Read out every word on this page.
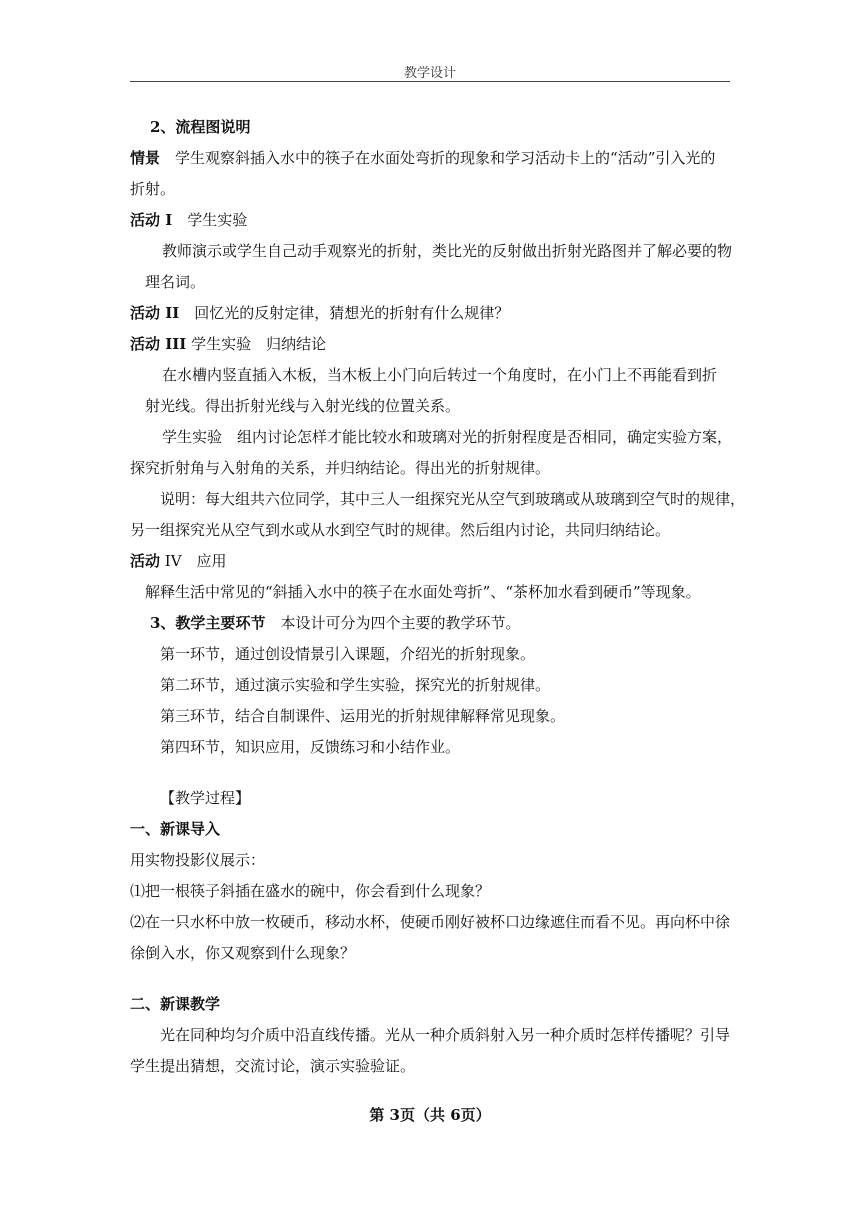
教学设计
2、流程图说明
情景　 学生观察斜插入水中的筷子在水面处弯折的现象和学习活动卡上的“活动”引入光的
折射。
活动 I　 学生实验
教师演示或学生自己动手观察光的折射，类比光的反射做出折射光路图并了解必要的物
理名词。
活动 II　 回忆光的反射定律，猜想光的折射有什么规律？
活动 III 学生实验　归纳结论
在水槽内竖直插入木板，当木板上小门向后转过一个角度时，在小门上不再能看到折
射光线。得出折射光线与入射光线的位置关系。
学生实验　组内讨论怎样才能比较水和玻璃对光的折射程度是否相同，确定实验方案，
探究折射角与入射角的关系，并归纳结论。得出光的折射规律。
说明：每大组共六位同学，其中三人一组探究光从空气到玻璃或从玻璃到空气时的规律，
另一组探究光从空气到水或从水到空气时的规律。然后组内讨论，共同归纳结论。
活动 IV　应用
解释生活中常见的“斜插入水中的筷子在水面处弯折”、“茶杯加水看到硬币”等现象。
3、教学主要环节　 本设计可分为四个主要的教学环节。
第一环节，通过创设情景引入课题，介绍光的折射现象。
第二环节，通过演示实验和学生实验，探究光的折射规律。
第三环节，结合自制课件、运用光的折射规律解释常见现象。
第四环节，知识应用，反馈练习和小结作业。
【教学过程】
一、新课导入
用实物投影仪展示：
⑴把一根筷子斜插在盛水的碗中，你会看到什么现象？
⑵在一只水杯中放一枚硬币，移动水杯，使硬币刚好被杯口边缘遮住而看不见。再向杯中徐
徐倒入水，你又观察到什么现象？
二、新课教学
光在同种均匀介质中沿直线传播。光从一种介质斜射入另一种介质时怎样传播呢？引导
学生提出猜想，交流讨论，演示实验验证。
第 3页（共 6页）
